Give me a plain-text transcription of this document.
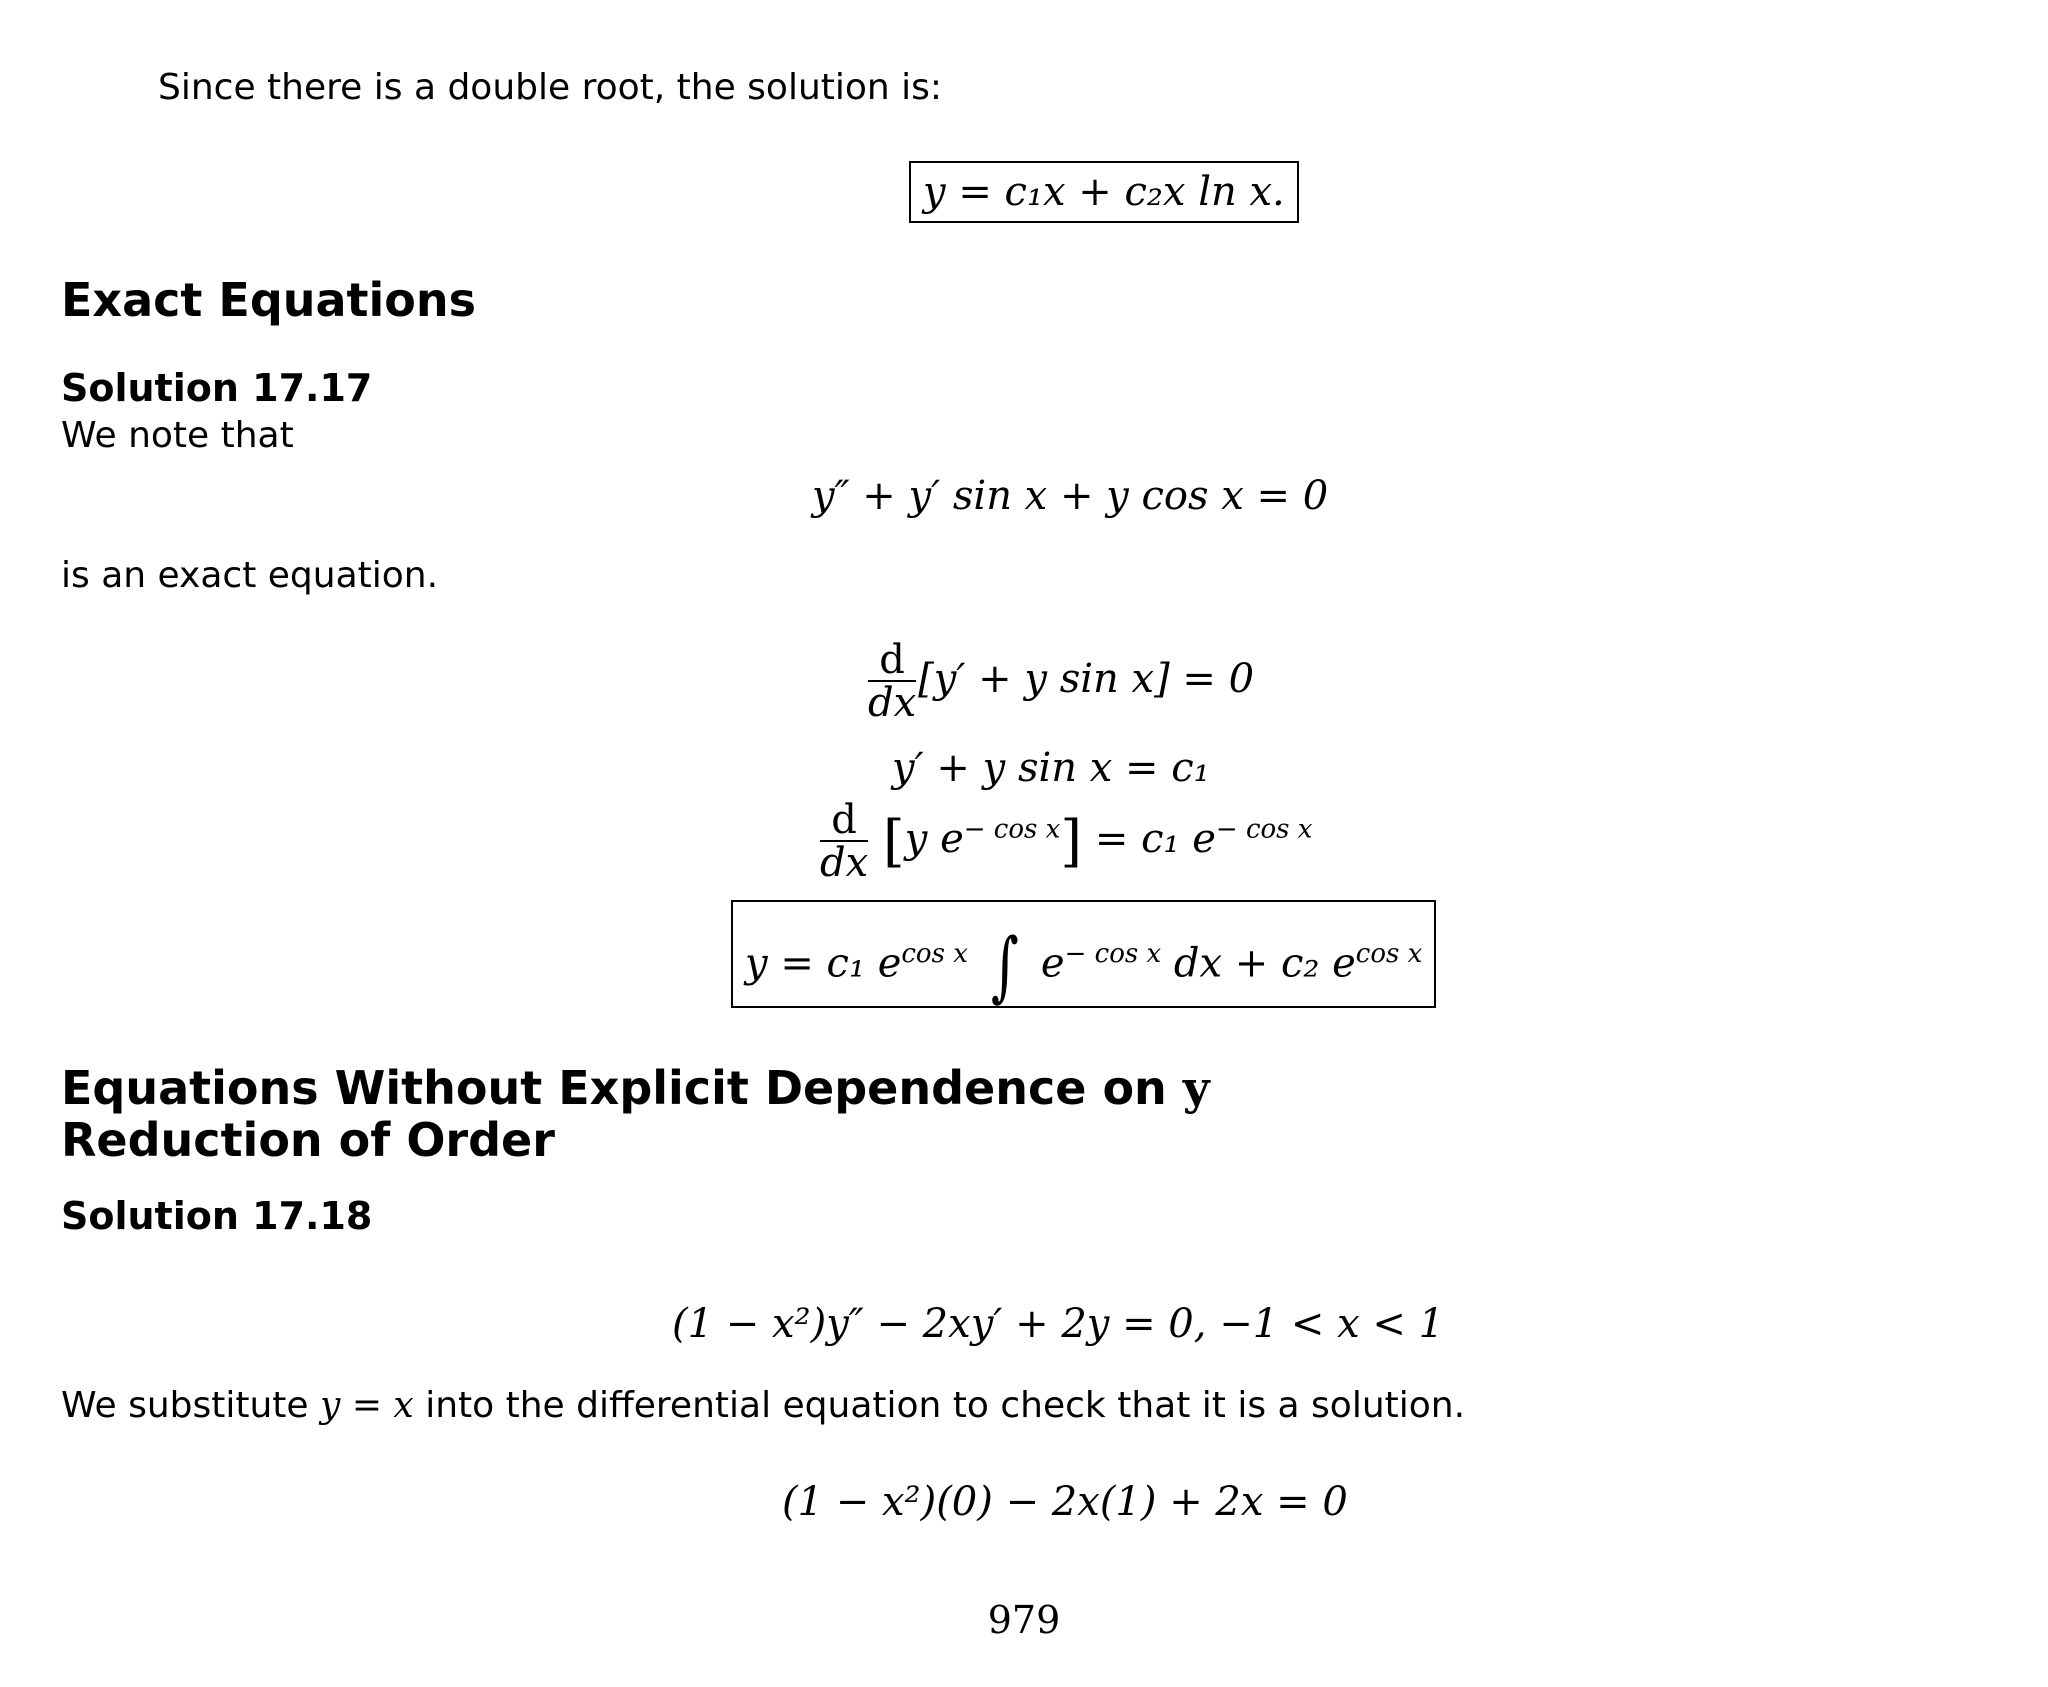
Since there is a double root, the solution is:
y = c₁x + c₂x ln x.
Exact Equations
Solution 17.17
We note that
y″ + y′ sin x + y cos x = 0
is an exact equation.
$\frac{d}{dx} [y' + y$ sin x] = 0
y′ + y sin x = c₁
$\frac{d}{dx} [y$ $e^{- cos x}] = c_1$ $e^{- cos x}$
y = c₁ $e^{cos x}$ ∫ $e^{- cos x}$ dx + c₂ $e^{cos x}$
Equations Without Explicit Dependence on y
Reduction of Order
Solution 17.18
(1 − x²)y″ − 2xy′ + 2y = 0, −1 < x < 1
We substitute y = x into the differential equation to check that it is a solution.
(1 − x²)(0) − 2x(1) + 2x = 0
979
